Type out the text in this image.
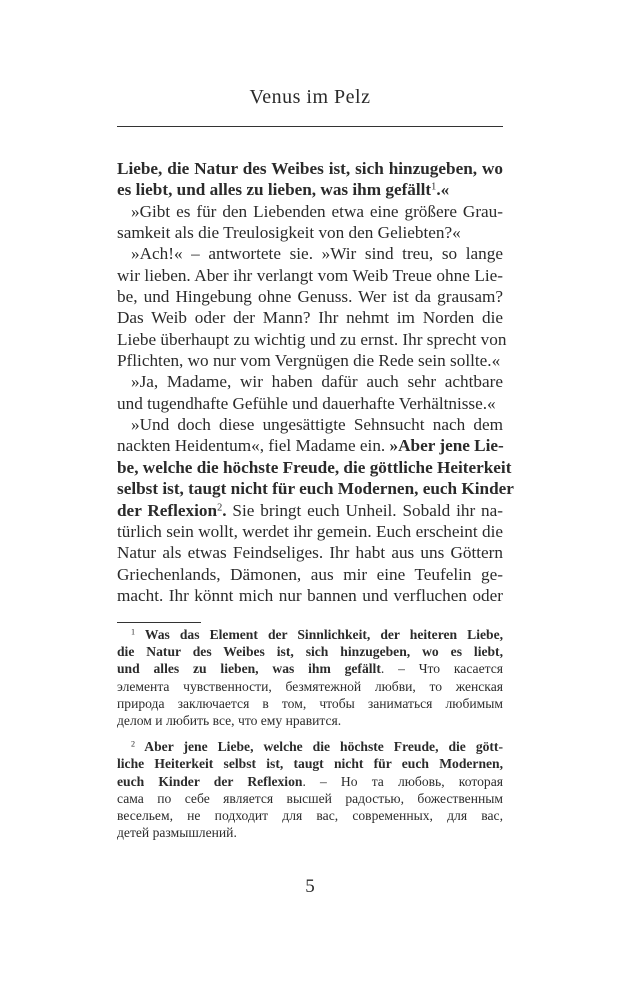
Venus im Pelz
Liebe, die Natur des Weibes ist, sich hinzugeben, wo
es liebt, und alles zu lieben, was ihm gefällt$^1$.«
»Gibt es für den Liebenden etwa eine größere Grau-
samkeit als die Treulosigkeit von den Geliebten?«
»Ach!« – antwortete sie. »Wir sind treu, so lange
wir lieben. Aber ihr verlangt vom Weib Treue ohne Lie-
be, und Hingebung ohne Genuss. Wer ist da grausam?
Das Weib oder der Mann? Ihr nehmt im Norden die
Liebe überhaupt zu wichtig und zu ernst. Ihr sprecht von
Pflichten, wo nur vom Vergnügen die Rede sein sollte.«
»Ja, Madame, wir haben dafür auch sehr achtbare
und tugendhafte Gefühle und dauerhafte Verhältnisse.«
»Und doch diese ungesättigte Sehnsucht nach dem
nackten Heidentum«, fiel Madame ein. »Aber jene Lie-
be, welche die höchste Freude, die göttliche Heiterkeit
selbst ist, taugt nicht für euch Modernen, euch Kinder
der Reflexion$^2$. Sie bringt euch Unheil. Sobald ihr na-
türlich sein wollt, werdet ihr gemein. Euch erscheint die
Natur als etwas Feindseliges. Ihr habt aus uns Göttern
Griechenlands, Dämonen, aus mir eine Teufelin ge-
macht. Ihr könnt mich nur bannen und verfluchen oder
$^1$ Was das Element der Sinnlichkeit, der heiteren Liebe,
die Natur des Weibes ist, sich hinzugeben, wo es liebt,
und alles zu lieben, was ihm gefällt. – Что касается
элемента чувственности, безмятежной любви, то женская
природа заключается в том, чтобы заниматься любимым
делом и любить все, что ему нравится.
$^2$ Aber jene Liebe, welche die höchste Freude, die gött-
liche Heiterkeit selbst ist, taugt nicht für euch Modernen,
euch Kinder der Reflexion. – Но та любовь, которая
сама по себе является высшей радостью, божественным
весельем, не подходит для вас, современных, для вас,
детей размышлений.
5
